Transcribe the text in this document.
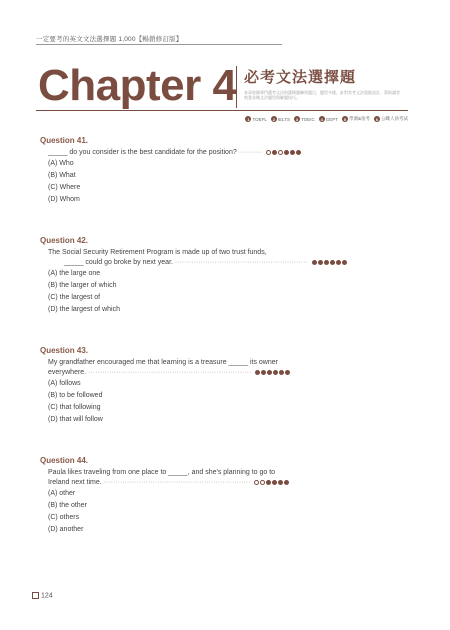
一定要考的英文文法選擇題 1,000【暢銷修訂版】
Chapter 4 必考文法選擇題
本章收錄專門選考文法的選擇題練習題目，題型多樣，針對常考文法重點設計，幫助讀者熟悉各類文法題型與解題技巧。
1 TOEFL	2 IELTS	3 TOEIC	4 GEPT	5 學測&指考	6 公職人員考試
Question 41.
_____ do you consider is the best candidate for the position? ··········
(A) Who
(B) What
(C) Where
(D) Whom
Question 42.
The Social Security Retirement Program is made up of two trust funds,
_____ could go broke by next year. ·························································
(A) the large one
(B) the larger of which
(C) the largest of
(D) the largest of which
Question 43.
My grandfather encouraged me that learning is a treasure _____ its owner
everywhere. ······································································
(A) follows
(B) to be followed
(C) that following
(D) that will follow
Question 44.
Paula likes traveling from one place to _____, and she's planning to go to
Ireland next time. ·······························································
(A) other
(B) the other
(C) others
(D) another
124
